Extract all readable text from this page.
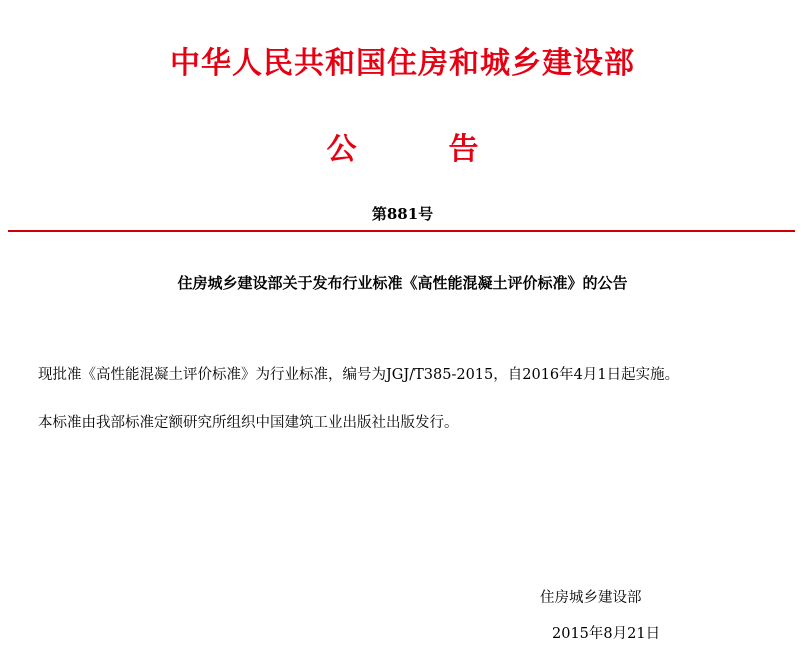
中华人民共和国住房和城乡建设部
公	告
第881号
住房城乡建设部关于发布行业标准《高性能混凝土评价标准》的公告
现批准《高性能混凝土评价标准》为行业标准，编号为JGJ/T385-2015，自2016年4月1日起实施。
本标准由我部标准定额研究所组织中国建筑工业出版社出版发行。
住房城乡建设部
2015年8月21日
